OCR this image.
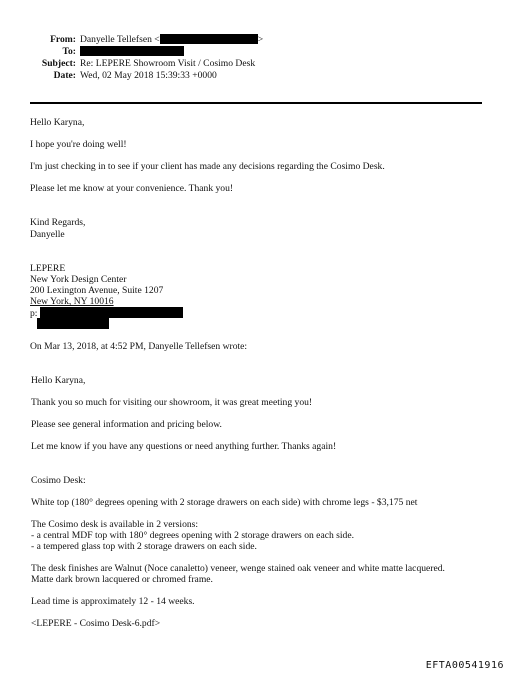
From: Danyelle Tellefsen <	>
To:
Subject: Re: LEPERE Showroom Visit / Cosimo Desk
Date: Wed, 02 May 2018 15:39:33 +0000
Hello Karyna,
I hope you're doing well!
I'm just checking in to see if your client has made any decisions regarding the Cosimo Desk.
Please let me know at your convenience. Thank you!
Kind Regards,
Danyelle
LEPERE
New York Design Center
200 Lexington Avenue, Suite 1207
New York, NY 10016
p:
On Mar 13, 2018, at 4:52 PM, Danyelle Tellefsen wrote:
Hello Karyna,
Thank you so much for visiting our showroom, it was great meeting you!
Please see general information and pricing below.
Let me know if you have any questions or need anything further. Thanks again!
Cosimo Desk:
White top (180° degrees opening with 2 storage drawers on each side) with chrome legs - $3,175 net
The Cosimo desk is available in 2 versions:
- a central MDF top with 180° degrees opening with 2 storage drawers on each side.
- a tempered glass top with 2 storage drawers on each side.
The desk finishes are Walnut (Noce canaletto) veneer, wenge stained oak veneer and white matte lacquered.
Matte dark brown lacquered or chromed frame.
Lead time is approximately 12 - 14 weeks.
<LEPERE - Cosimo Desk-6.pdf>
EFTA00541916
